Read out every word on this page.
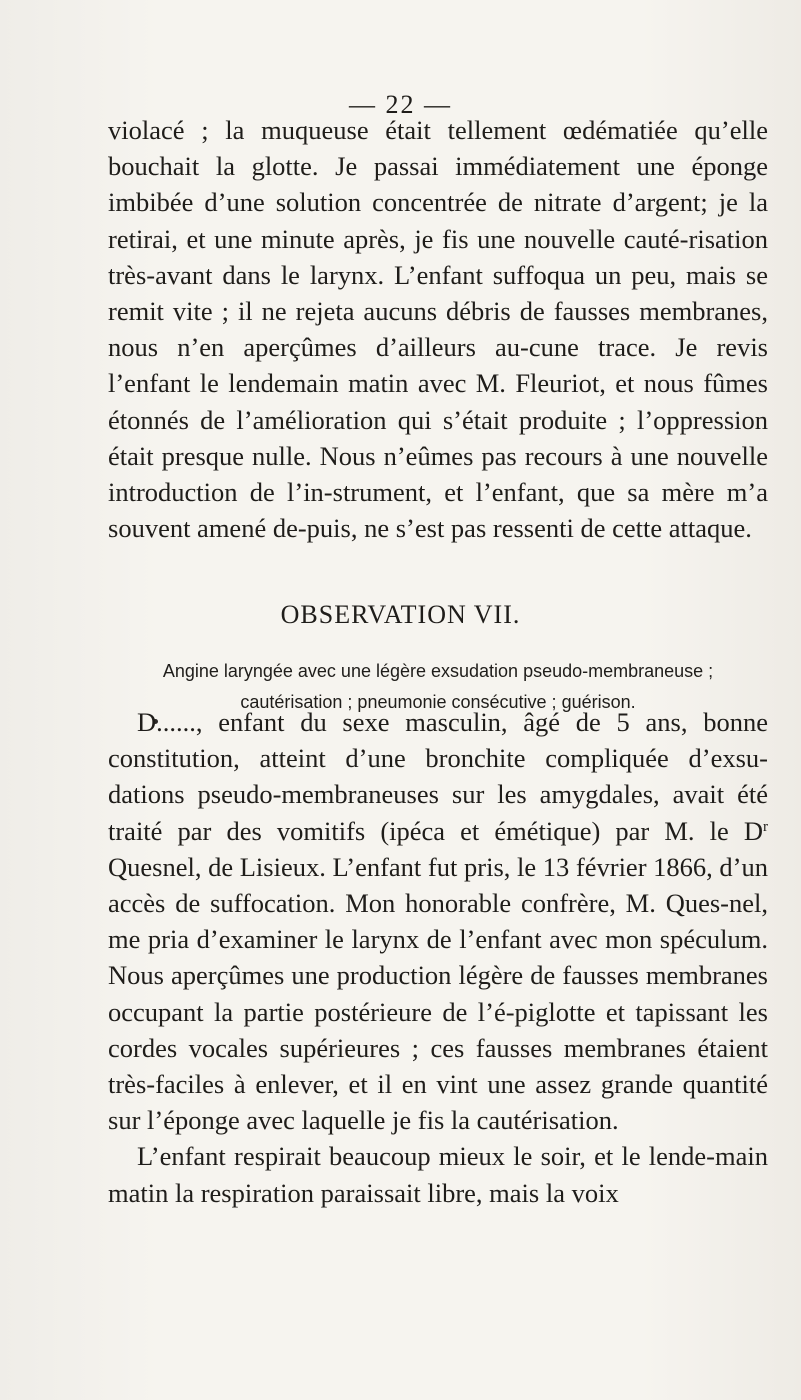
— 22 —

violacé ; la muqueuse était tellement œdématiée qu’elle bouchait la glotte. Je passai immédiatement une éponge imbibée d’une solution concentrée de nitrate d’argent; je la retirai, et une minute après, je fis une nouvelle cauté-risation très-avant dans le larynx. L’enfant suffoqua un peu, mais se remit vite ; il ne rejeta aucuns débris de fausses membranes, nous n’en aperçûmes d’ailleurs au-cune trace. Je revis l’enfant le lendemain matin avec M. Fleuriot, et nous fûmes étonnés de l’amélioration qui s’était produite ; l’oppression était presque nulle. Nous n’eûmes pas recours à une nouvelle introduction de l’in-strument, et l’enfant, que sa mère m’a souvent amené de-puis, ne s’est pas ressenti de cette attaque.

OBSERVATION VII.

Angine laryngée avec une légère exsudation pseudo-membraneuse ;

cautérisation ; pneumonie consécutive ; guérison.

D......, enfant du sexe masculin, âgé de 5 ans, bonne constitution, atteint d’une bronchite compliquée d’exsu-dations pseudo-membraneuses sur les amygdales, avait été traité par des vomitifs (ipéca et émétique) par M. le $D^r$ Quesnel, de Lisieux. L’enfant fut pris, le 13 février 1866, d’un accès de suffocation. Mon honorable confrère, M. Ques-nel, me pria d’examiner le larynx de l’enfant avec mon spéculum. Nous aperçûmes une production légère de fausses membranes occupant la partie postérieure de l’é-piglotte et tapissant les cordes vocales supérieures ; ces fausses membranes étaient très-faciles à enlever, et il en vint une assez grande quantité sur l’éponge avec laquelle je fis la cautérisation.

L’enfant respirait beaucoup mieux le soir, et le lende-main matin la respiration paraissait libre, mais la voix
